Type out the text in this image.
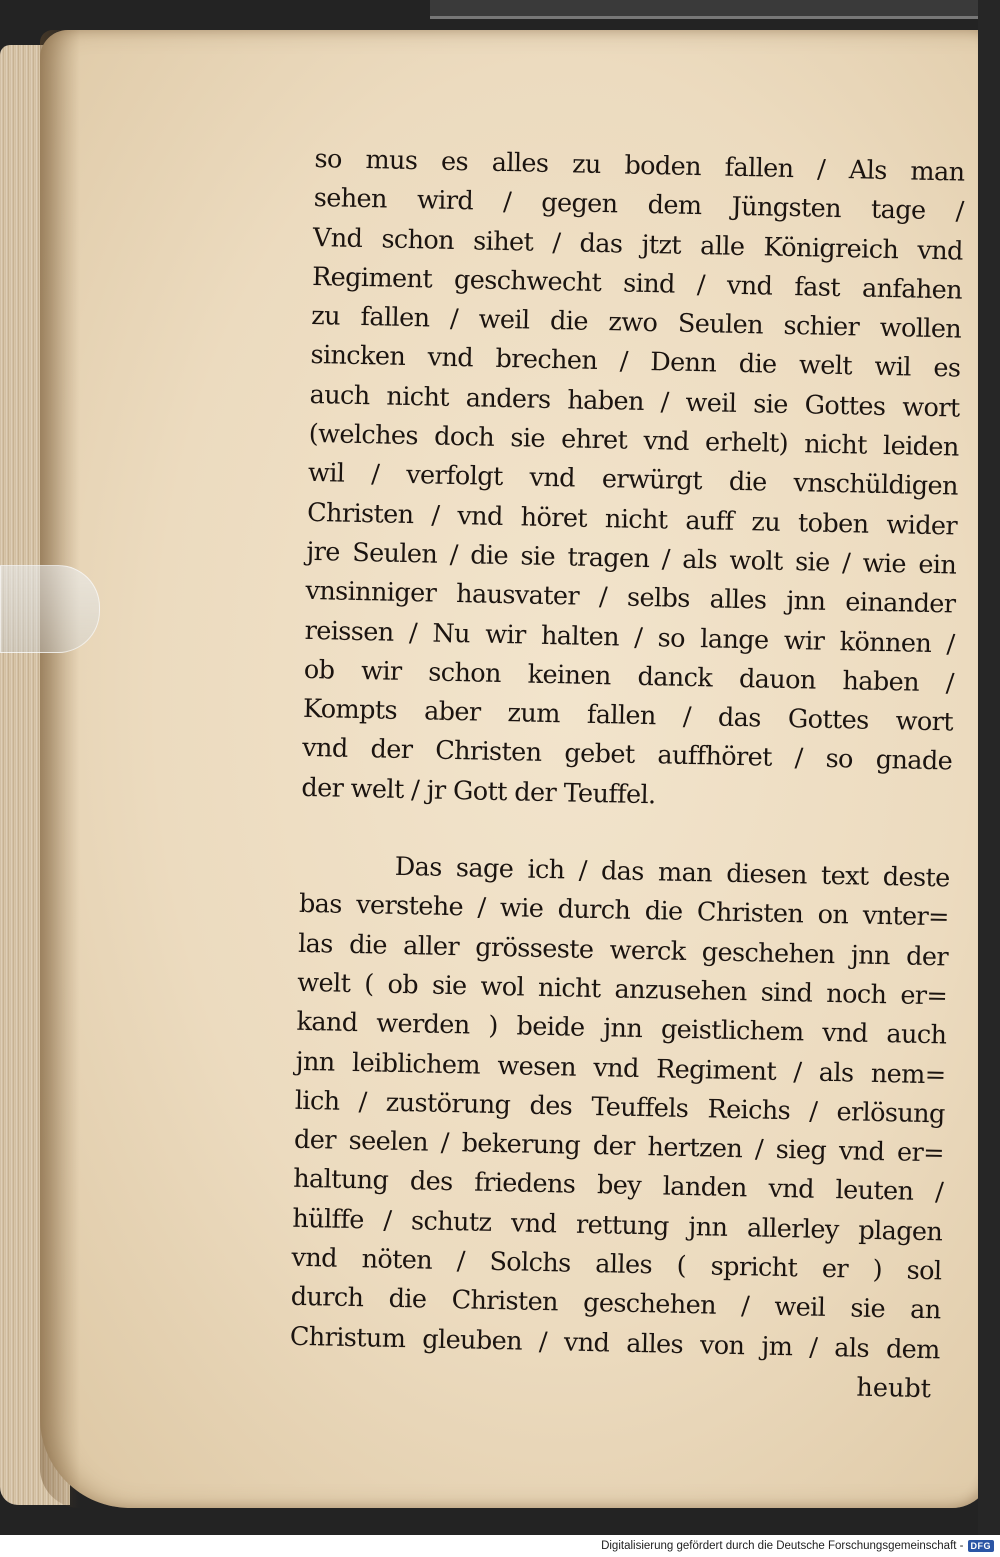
so mus es alles zu boden fallen / Als man
sehen wird / gegen dem Jüngsten tage /
Vnd schon sihet / das jtzt alle Königreich vnd
Regiment geschwecht sind / vnd fast anfahen
zu fallen / weil die zwo Seulen schier wollen
sincken vnd brechen / Denn die welt wil es
auch nicht anders haben / weil sie Gottes wort
(welches doch sie ehret vnd erhelt) nicht leiden
wil / verfolgt vnd erwürgt die vnschüldigen
Christen / vnd höret nicht auff zu toben wider
jre Seulen / die sie tragen / als wolt sie / wie ein
vnsinniger hausvater / selbs alles jnn einander
reissen / Nu wir halten / so lange wir können /
ob wir schon keinen danck dauon haben /
Kompts aber zum fallen / das Gottes wort
vnd der Christen gebet auffhöret / so gnade
der welt / jr Gott der Teuffel.
Das sage ich / das man diesen text deste
bas verstehe / wie durch die Christen on vnter=
las die aller grössеste werck geschehen jnn der
welt ( ob sie wol nicht anzusehen sind noch er=
kand werden ) beide jnn geistlichem vnd auch
jnn leiblichem wesen vnd Regiment / als nem=
lich / zustörung des Teuffels Reichs / erlösung
der seelen / bekerung der hertzen / sieg vnd er=
haltung des friedens bey landen vnd leuten /
hülffe / schutz vnd rettung jnn allerley plagen
vnd nöten / Solchs alles ( spricht er ) sol
durch die Christen geschehen / weil sie an
Christum gleuben / vnd alles von jm / als dem
heubt
Digitalisierung gefördert durch die Deutsche Forschungsgemeinschaft - DFG
